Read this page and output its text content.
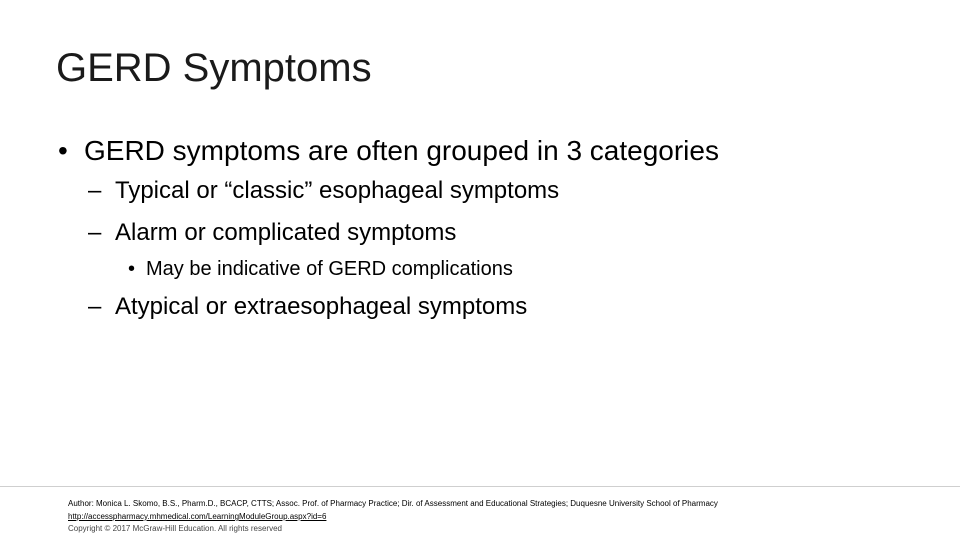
GERD Symptoms
• GERD symptoms are often grouped in 3 categories
– Typical or “classic” esophageal symptoms
– Alarm or complicated symptoms
• May be indicative of GERD complications
– Atypical or extraesophageal symptoms
Author: Monica L. Skomo, B.S., Pharm.D., BCACP, CTTS; Assoc. Prof. of Pharmacy Practice; Dir. of Assessment and Educational Strategies; Duquesne University School of Pharmacy
http://accesspharmacy.mhmedical.com/LearningModuleGroup.aspx?id=6
Copyright © 2017 McGraw-Hill Education. All rights reserved
